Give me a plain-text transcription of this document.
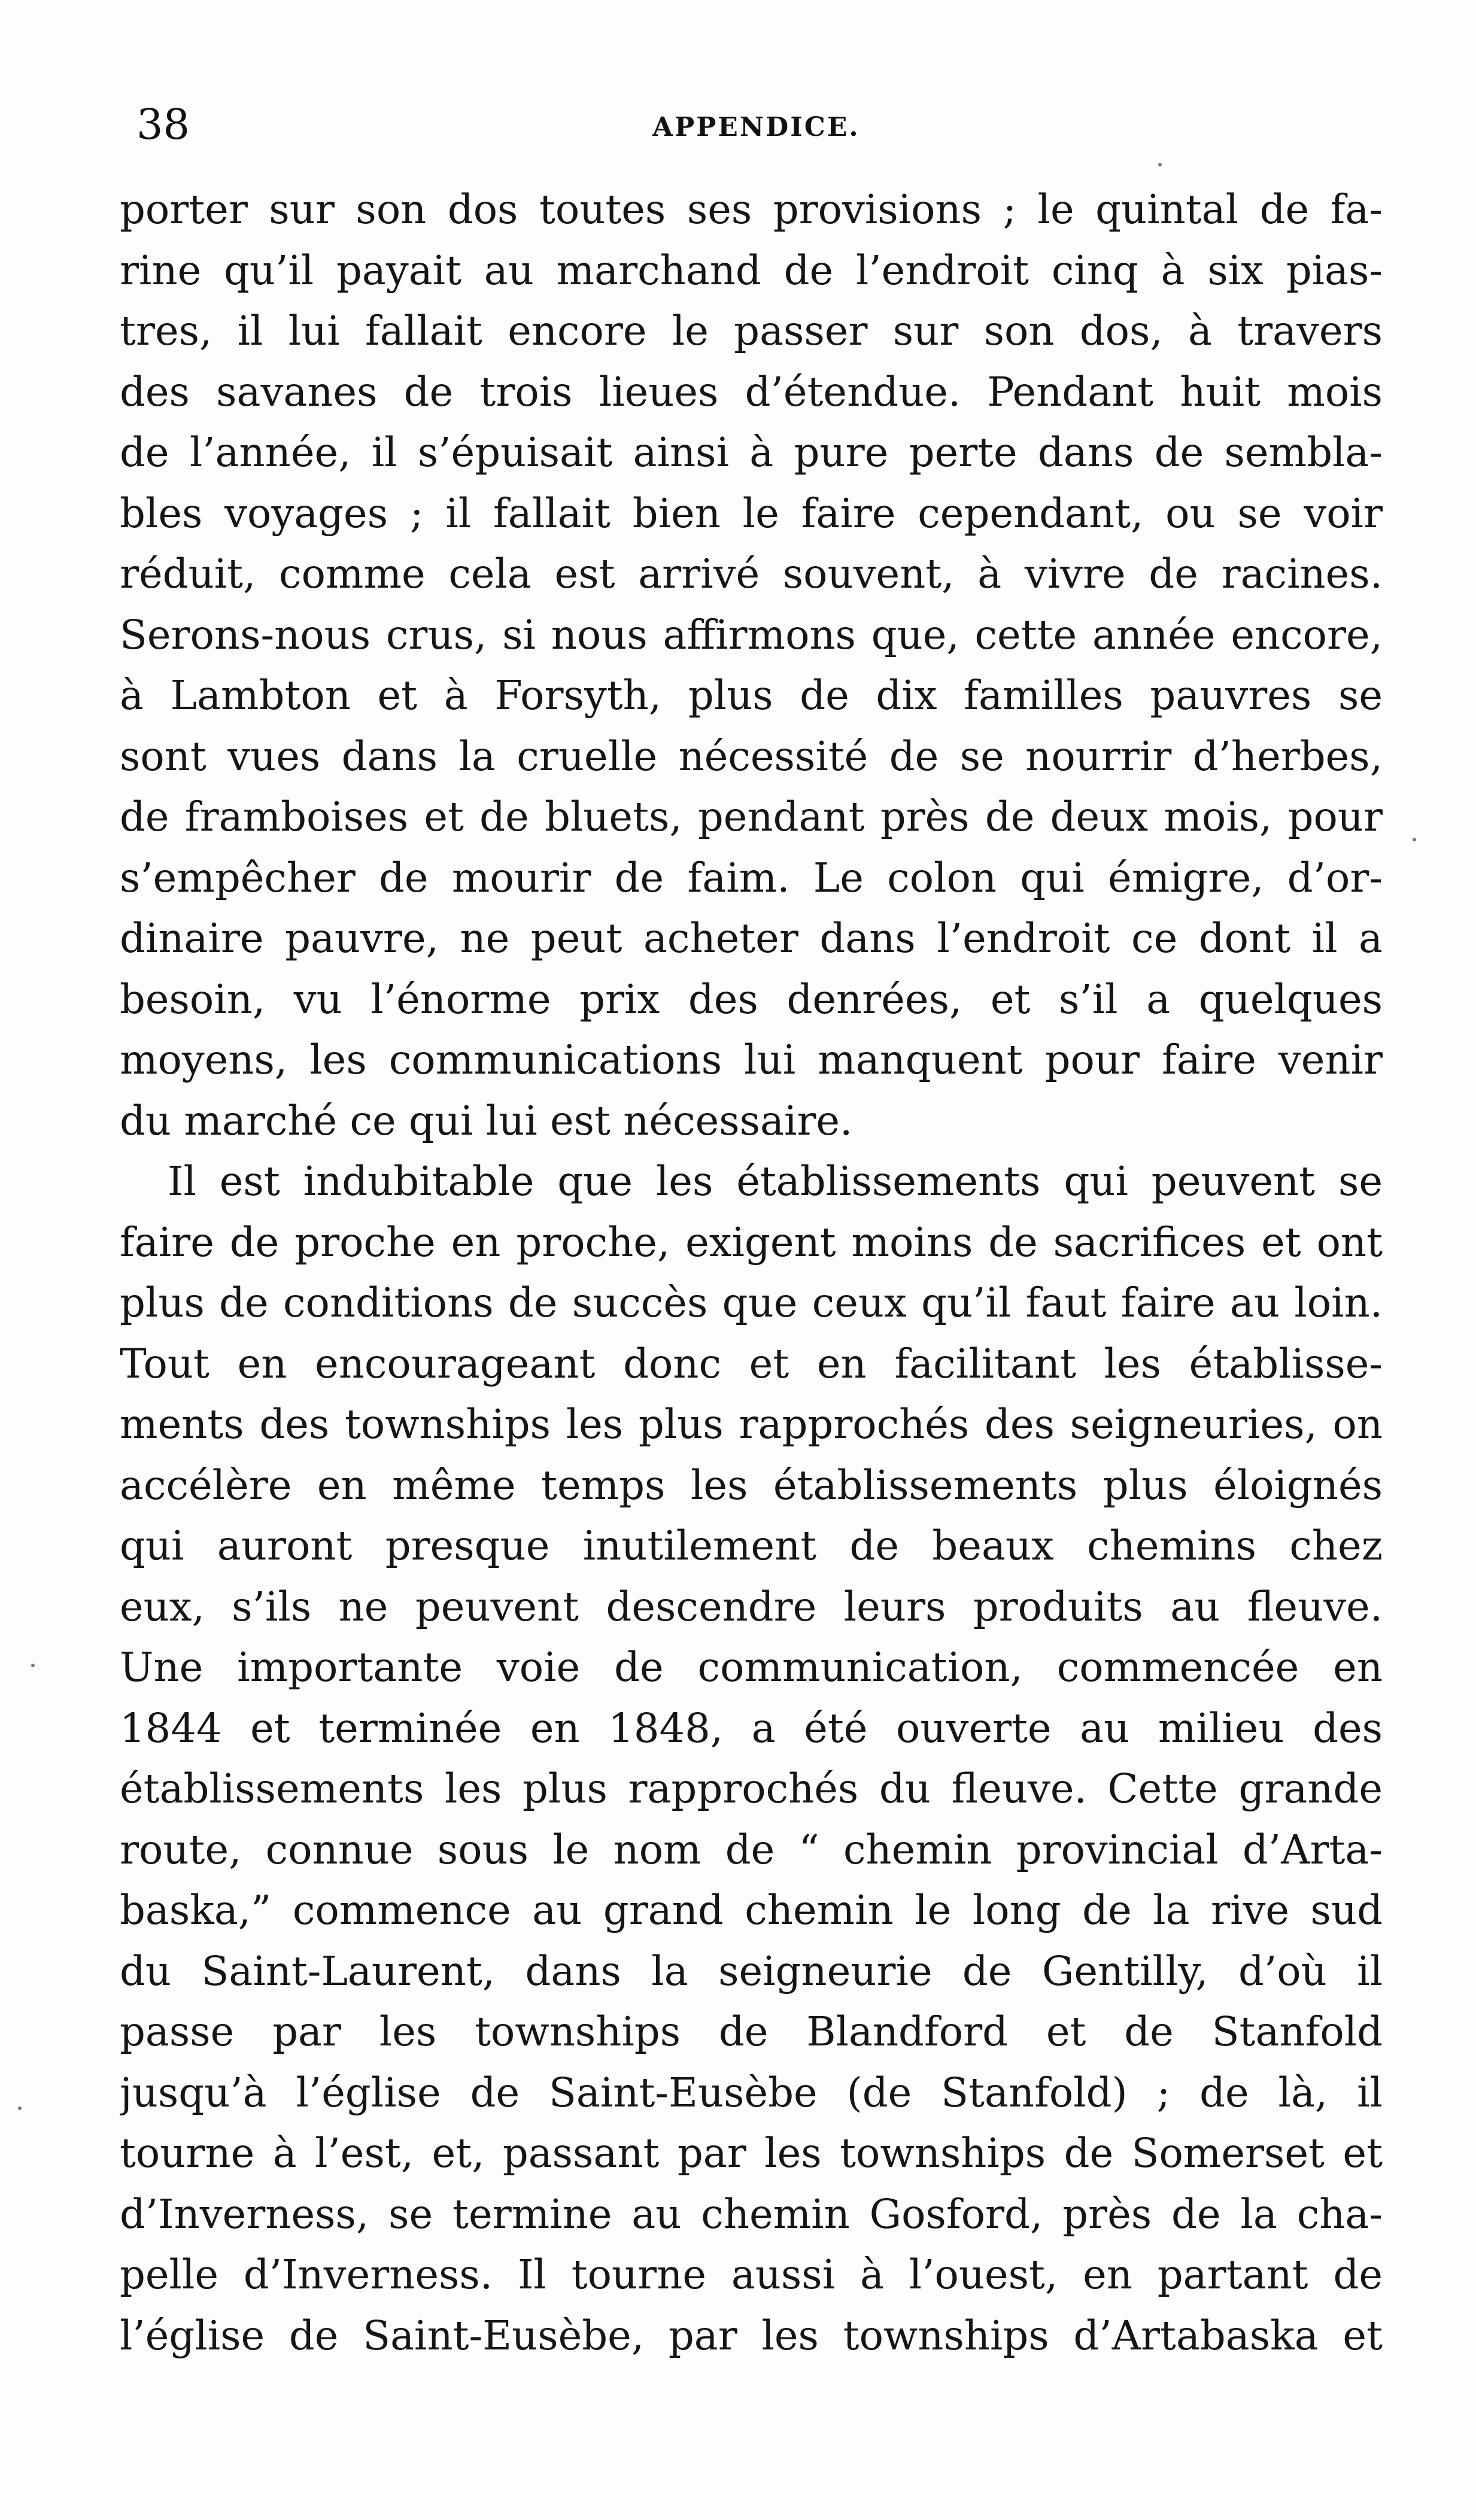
38	APPENDICE.
porter sur son dos toutes ses provisions ; le quintal de fa-
rine qu’il payait au marchand de l’endroit cinq à six pias-
tres, il lui fallait encore le passer sur son dos, à travers
des savanes de trois lieues d’étendue. Pendant huit mois
de l’année, il s’épuisait ainsi à pure perte dans de sembla-
bles voyages ; il fallait bien le faire cependant, ou se voir
réduit, comme cela est arrivé souvent, à vivre de racines.
Serons-nous crus, si nous affirmons que, cette année encore,
à Lambton et à Forsyth, plus de dix familles pauvres se
sont vues dans la cruelle nécessité de se nourrir d’herbes,
de framboises et de bluets, pendant près de deux mois, pour
s’empêcher de mourir de faim. Le colon qui émigre, d’or-
dinaire pauvre, ne peut acheter dans l’endroit ce dont il a
besoin, vu l’énorme prix des denrées, et s’il a quelques
moyens, les communications lui manquent pour faire venir
du marché ce qui lui est nécessaire.
Il est indubitable que les établissements qui peuvent se
faire de proche en proche, exigent moins de sacrifices et ont
plus de conditions de succès que ceux qu’il faut faire au loin.
Tout en encourageant donc et en facilitant les établisse-
ments des townships les plus rapprochés des seigneuries, on
accélère en même temps les établissements plus éloignés
qui auront presque inutilement de beaux chemins chez
eux, s’ils ne peuvent descendre leurs produits au fleuve.
Une importante voie de communication, commencée en
1844 et terminée en 1848, a été ouverte au milieu des
établissements les plus rapprochés du fleuve. Cette grande
route, connue sous le nom de “ chemin provincial d’Arta-
baska,” commence au grand chemin le long de la rive sud
du Saint-Laurent, dans la seigneurie de Gentilly, d’où il
passe par les townships de Blandford et de Stanfold
jusqu’à l’église de Saint-Eusèbe (de Stanfold) ; de là, il
tourne à l’est, et, passant par les townships de Somerset et
d’Inverness, se termine au chemin Gosford, près de la cha-
pelle d’Inverness. Il tourne aussi à l’ouest, en partant de
l’église de Saint-Eusèbe, par les townships d’Artabaska et
